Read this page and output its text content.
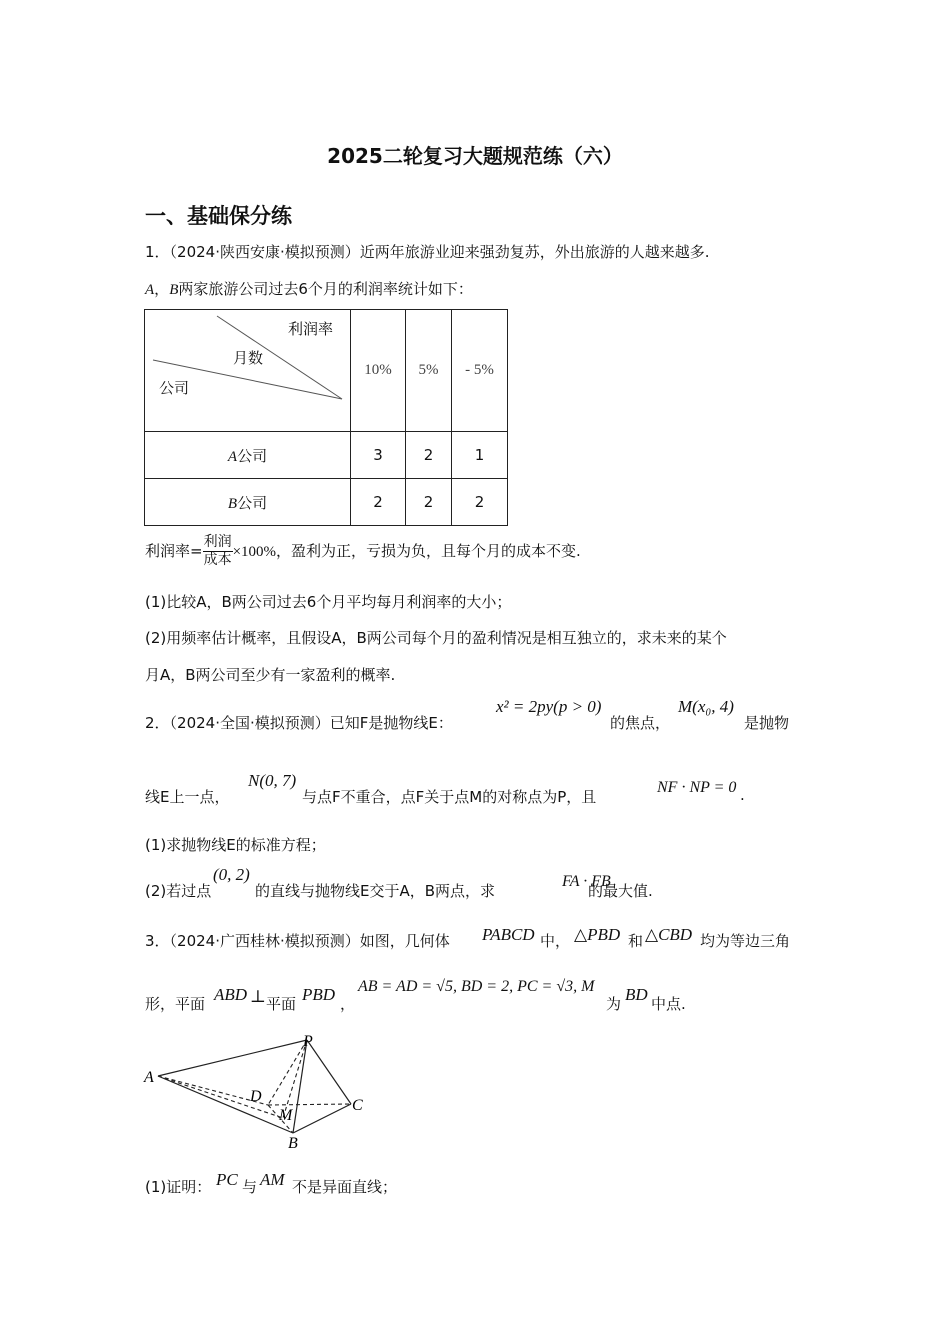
2025二轮复习大题规范练（六）
一、基础保分练
1．（2024·陕西安康·模拟预测）近两年旅游业迎来强劲复苏，外出旅游的人越来越多.
A，B两家旅游公司过去6个月的利润率统计如下：
利润率
月数
公司	10%	5%	- 5%
A公司	3	2	1
B公司	2	2	2
利润率= $\frac{\text{利润}}{\text{成本}} \times 100\%$，盈利为正，亏损为负，且每个月的成本不变.
(1)比较A，B两公司过去6个月平均每月利润率的大小；
(2)用频率估计概率，且假设A，B两公司每个月的盈利情况是相互独立的，求未来的某个
月A，B两公司至少有一家盈利的概率.
2．（2024·全国·模拟预测）已知F是抛物线E：
x² = 2py(p > 0)
的焦点，
M(x₀, 4)
是抛物
线E上一点，
N(0, 7)
与点F不重合，点F关于点M的对称点为P，且
NF · NP = 0 .
(1)求抛物线E的标准方程；
(2)若过点
(0, 2)
的直线与抛物线E交于A，B两点，求
FA · FB
的最大值.
3．（2024·广西桂林·模拟预测）如图，几何体 PABCD 中， △PBD 和 △CBD 均为等边三角
形，平面 ABD ⊥ 平面 PBD ，
AB = AD = √5, BD = 2, PC = √3, M
为 BD 中点.
P
A
D
M
C
B
(1)证明： PC 与 AM 不是异面直线；
